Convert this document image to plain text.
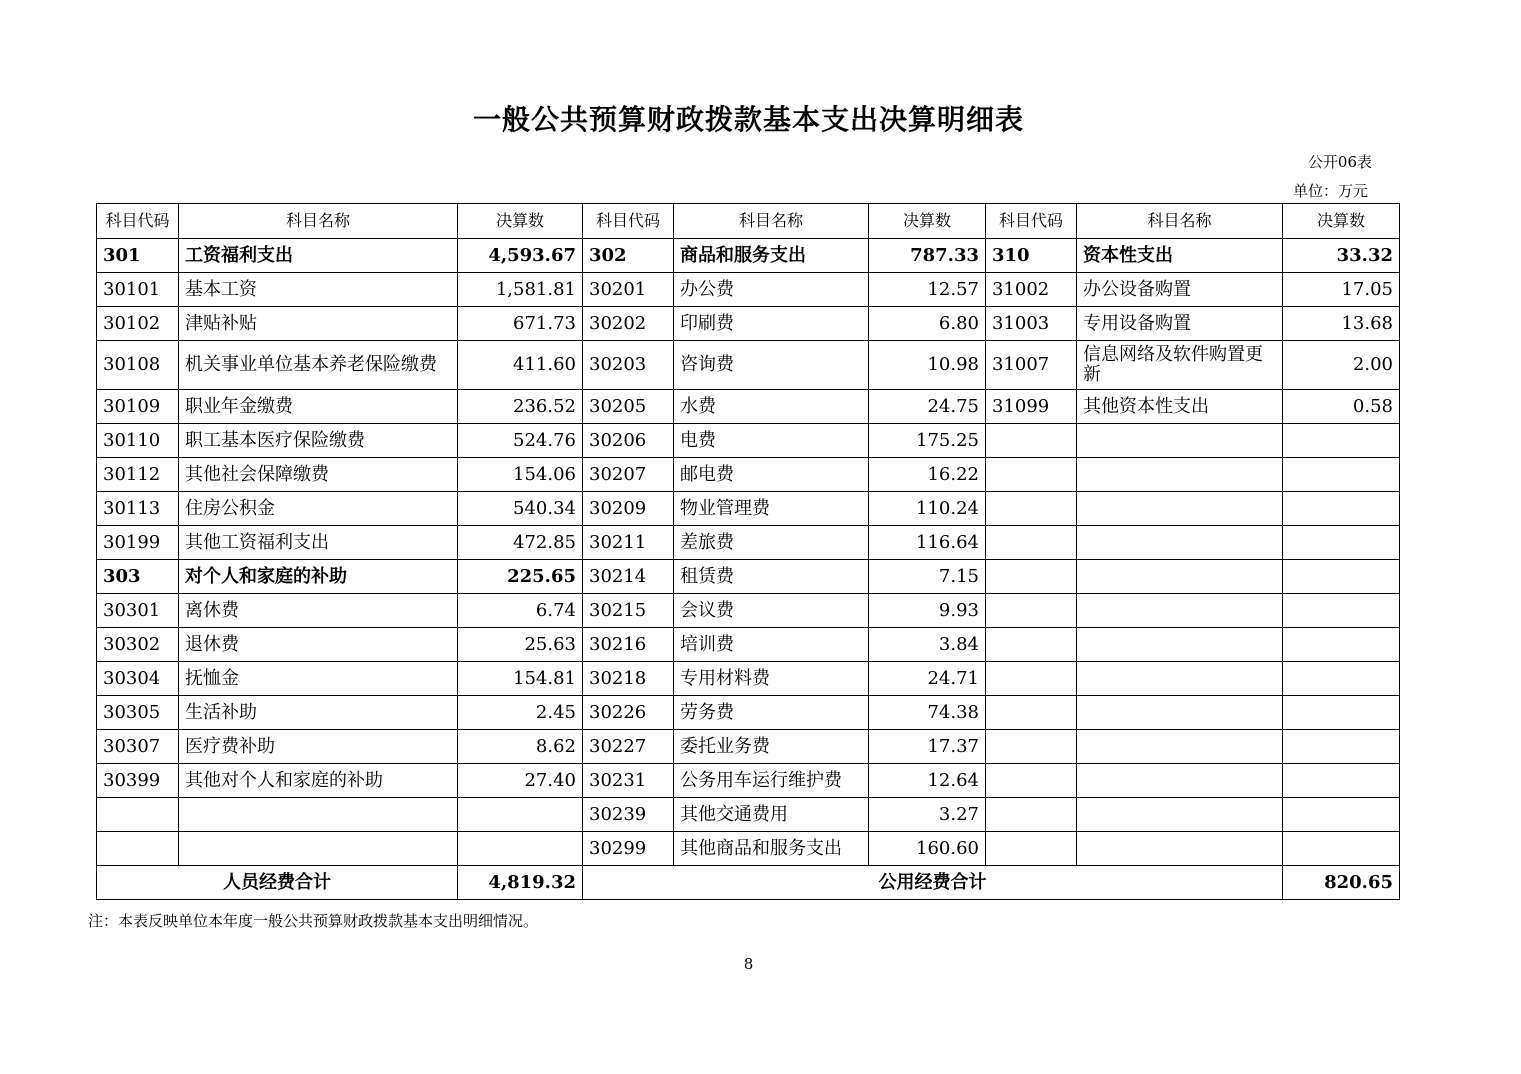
一般公共预算财政拨款基本支出决算明细表
公开06表
单位：万元
科目代码	科目名称	决算数	科目代码	科目名称	决算数	科目代码	科目名称	决算数
301	工资福利支出	4,593.67	302	商品和服务支出	787.33	310	资本性支出	33.32
30101	基本工资	1,581.81	30201	办公费	12.57	31002	办公设备购置	17.05
30102	津贴补贴	671.73	30202	印刷费	6.80	31003	专用设备购置	13.68
30108	机关事业单位基本养老保险缴费	411.60	30203	咨询费	10.98	31007	信息网络及软件购置更新	2.00
30109	职业年金缴费	236.52	30205	水费	24.75	31099	其他资本性支出	0.58
30110	职工基本医疗保险缴费	524.76	30206	电费	175.25			
30112	其他社会保障缴费	154.06	30207	邮电费	16.22			
30113	住房公积金	540.34	30209	物业管理费	110.24			
30199	其他工资福利支出	472.85	30211	差旅费	116.64			
303	对个人和家庭的补助	225.65	30214	租赁费	7.15			
30301	离休费	6.74	30215	会议费	9.93			
30302	退休费	25.63	30216	培训费	3.84			
30304	抚恤金	154.81	30218	专用材料费	24.71			
30305	生活补助	2.45	30226	劳务费	74.38			
30307	医疗费补助	8.62	30227	委托业务费	17.37			
30399	其他对个人和家庭的补助	27.40	30231	公务用车运行维护费	12.64			
			30239	其他交通费用	3.27			
			30299	其他商品和服务支出	160.60			
人员经费合计		4,819.32	公用经费合计					820.65
注：本表反映单位本年度一般公共预算财政拨款基本支出明细情况。
8
